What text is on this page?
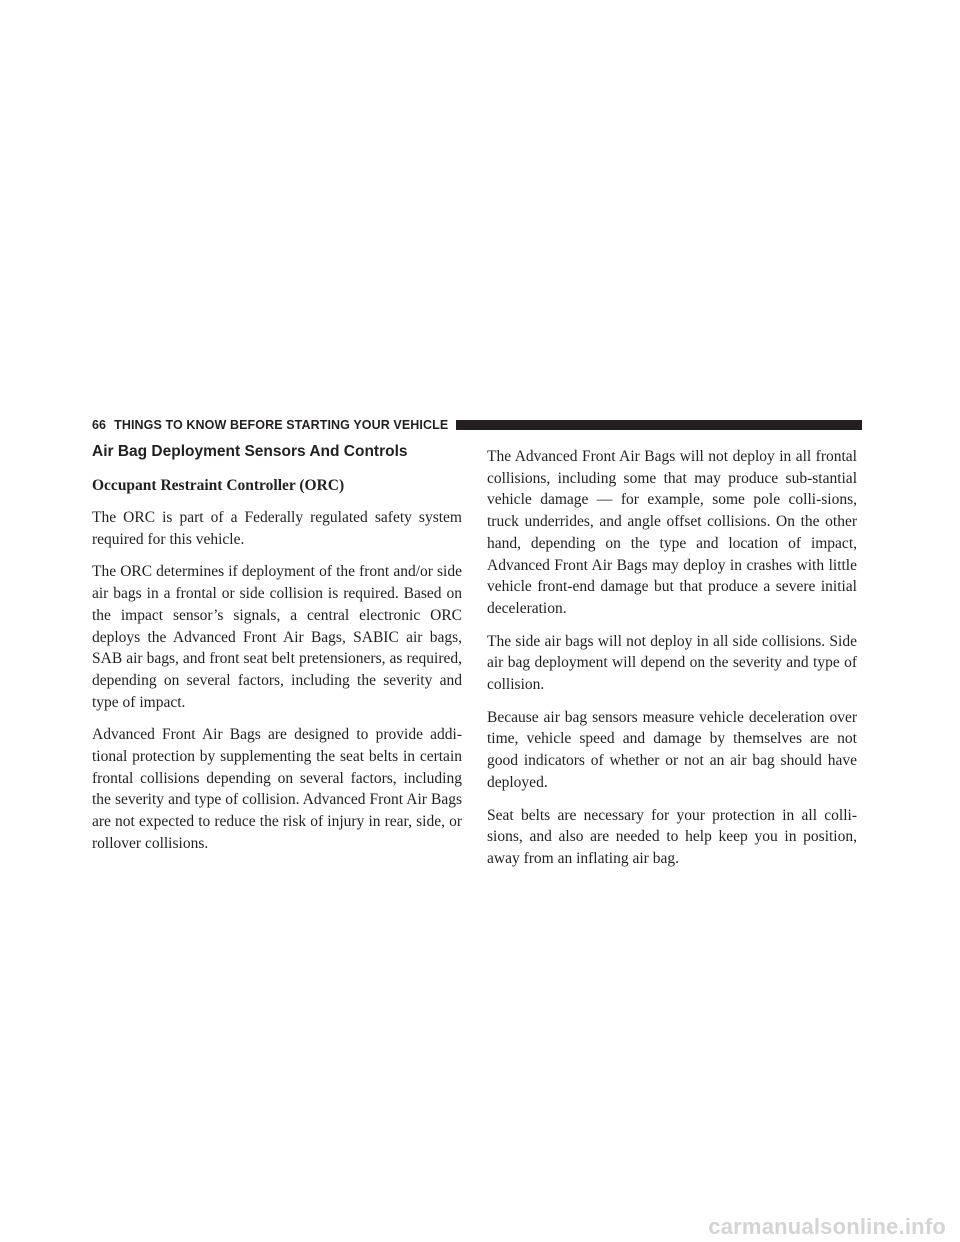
66 THINGS TO KNOW BEFORE STARTING YOUR VEHICLE
Air Bag Deployment Sensors And Controls
Occupant Restraint Controller (ORC)

The ORC is part of a Federally regulated safety system required for this vehicle.

The ORC determines if deployment of the front and/or side air bags in a frontal or side collision is required. Based on the impact sensor’s signals, a central electronic ORC deploys the Advanced Front Air Bags, SABIC air bags, SAB air bags, and front seat belt pretensioners, as required, depending on several factors, including the severity and type of impact.

Advanced Front Air Bags are designed to provide addi-tional protection by supplementing the seat belts in certain frontal collisions depending on several factors, including the severity and type of collision. Advanced Front Air Bags are not expected to reduce the risk of injury in rear, side, or rollover collisions.

The Advanced Front Air Bags will not deploy in all frontal collisions, including some that may produce sub-stantial vehicle damage — for example, some pole colli-sions, truck underrides, and angle offset collisions. On the other hand, depending on the type and location of impact, Advanced Front Air Bags may deploy in crashes with little vehicle front-end damage but that produce a severe initial deceleration.

The side air bags will not deploy in all side collisions. Side air bag deployment will depend on the severity and type of collision.

Because air bag sensors measure vehicle deceleration over time, vehicle speed and damage by themselves are not good indicators of whether or not an air bag should have deployed.

Seat belts are necessary for your protection in all colli-sions, and also are needed to help keep you in position, away from an inflating air bag.

carmanualsonline.info
